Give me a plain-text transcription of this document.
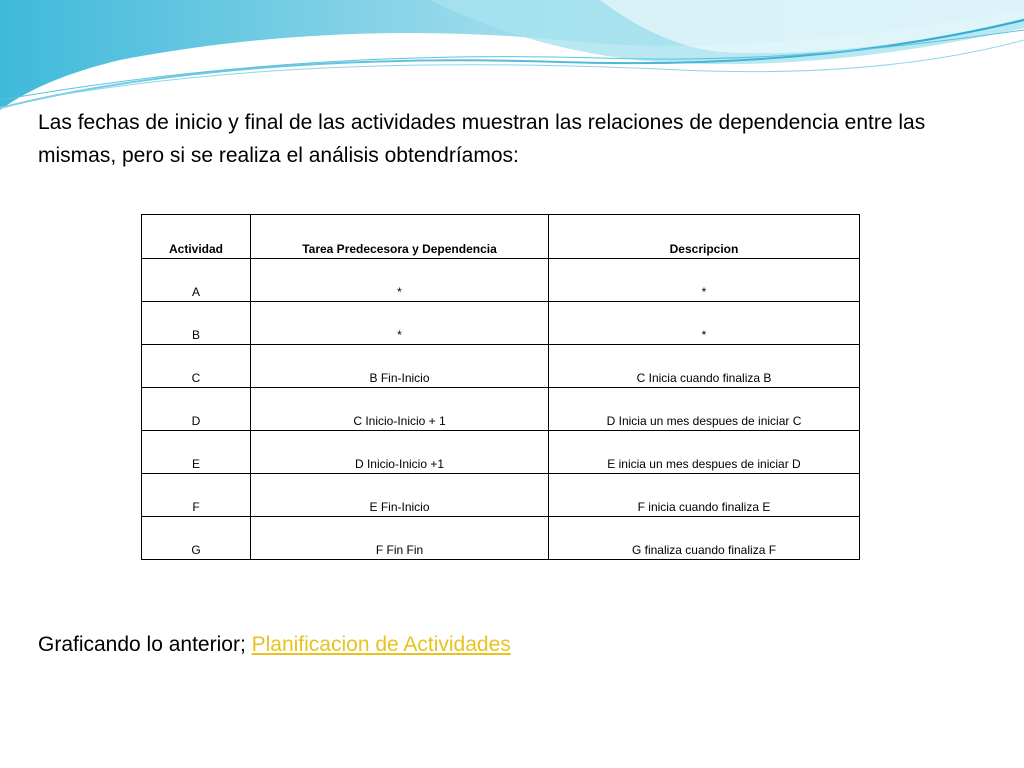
Las fechas de inicio y final de las actividades muestran las relaciones de dependencia entre las mismas, pero si se realiza el análisis obtendríamos:

Actividad	Tarea Predecesora y Dependencia	Descripcion
A	*	*
B	*	*
C	B Fin-Inicio	C Inicia cuando finaliza B
D	C Inicio-Inicio + 1	D Inicia un mes despues de iniciar C
E	D Inicio-Inicio +1	E inicia un mes despues de iniciar D
F	E Fin-Inicio	F inicia cuando finaliza E
G	F Fin Fin	G finaliza cuando finaliza F

Graficando lo anterior; Planificacion de Actividades
